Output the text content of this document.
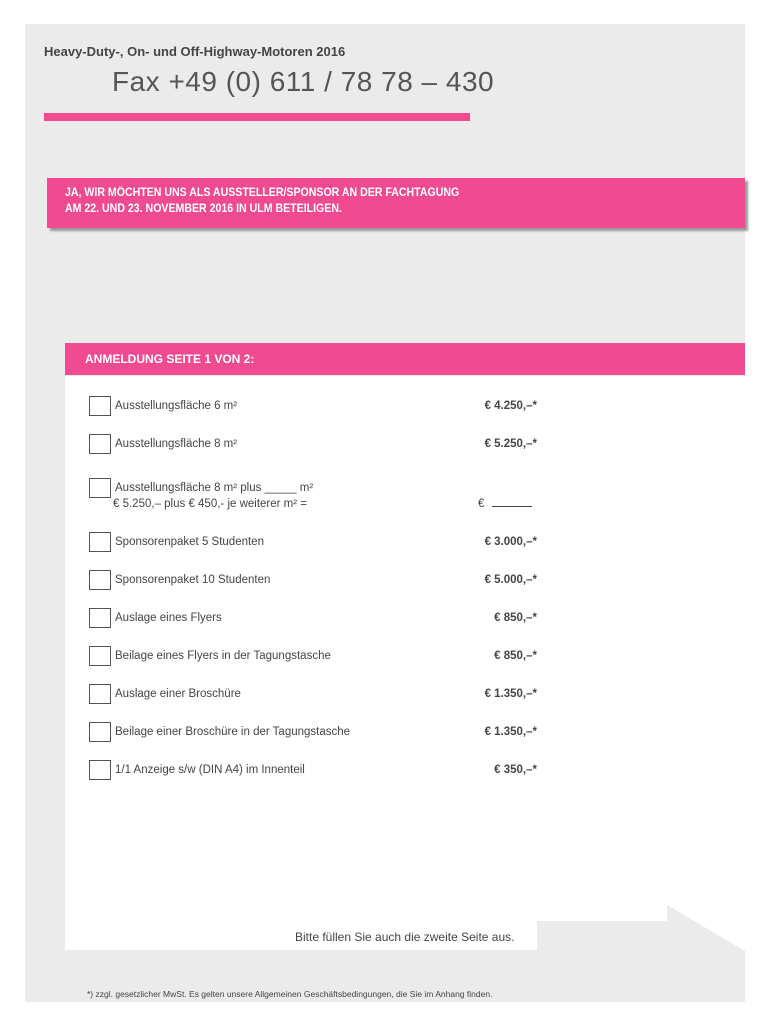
Heavy-Duty-, On- und Off-Highway-Motoren 2016
Fax +49 (0) 611 / 78 78 – 430
JA, WIR MÖCHTEN UNS ALS AUSSTELLER/SPONSOR AN DER FACHTAGUNG
AM 22. UND 23. NOVEMBER 2016 IN ULM BETEILIGEN.
ANMELDUNG SEITE 1 VON 2:
Ausstellungsfläche 6 m²	€ 4.250,–*
Ausstellungsfläche 8 m²	€ 5.250,–*
Ausstellungsfläche 8 m² plus _____ m²
€ 5.250,– plus € 450,- je weiterer m² =	€
Sponsorenpaket 5 Studenten	€ 3.000,–*
Sponsorenpaket 10 Studenten	€ 5.000,–*
Auslage eines Flyers	€ 850,–*
Beilage eines Flyers in der Tagungstasche	€ 850,–*
Auslage einer Broschüre	€ 1.350,–*
Beilage einer Broschüre in der Tagungstasche	€ 1.350,–*
1/1 Anzeige s/w (DIN A4) im Innenteil	€ 350,–*
Bitte füllen Sie auch die zweite Seite aus.
*) zzgl. gesetzlicher MwSt. Es gelten unsere Allgemeinen Geschäftsbedingungen, die Sie im Anhang finden.
